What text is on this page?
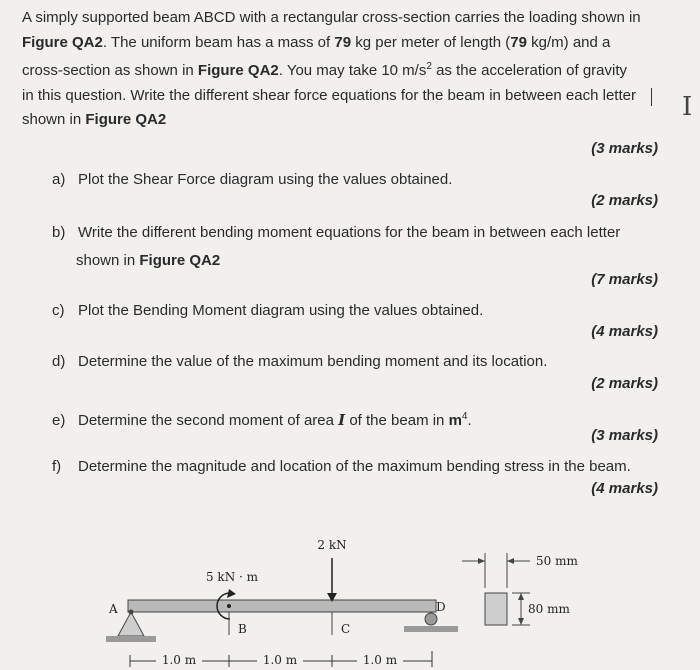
A simply supported beam ABCD with a rectangular cross-section carries the loading shown in
Figure QA2. The uniform beam has a mass of 79 kg per meter of length (79 kg/m) and a
cross-section as shown in Figure QA2. You may take 10 $m/s^2$ as the acceleration of gravity
in this question. Write the different shear force equations for the beam in between each letter
shown in Figure QA2	I
(3 marks)
a) Plot the Shear Force diagram using the values obtained.
(2 marks)
b) Write the different bending moment equations for the beam in between each letter
shown in Figure QA2
(7 marks)
c) Plot the Bending Moment diagram using the values obtained.
(4 marks)
d) Determine the value of the maximum bending moment and its location.
(2 marks)
e) Determine the second moment of area I of the beam in $m^4$.
(3 marks)
f) Determine the magnitude and location of the maximum bending stress in the beam.
(4 marks)
2 kN
5 kN · m
A
B	C
D
1.0 m	1.0 m	1.0 m
50 mm
80 mm
